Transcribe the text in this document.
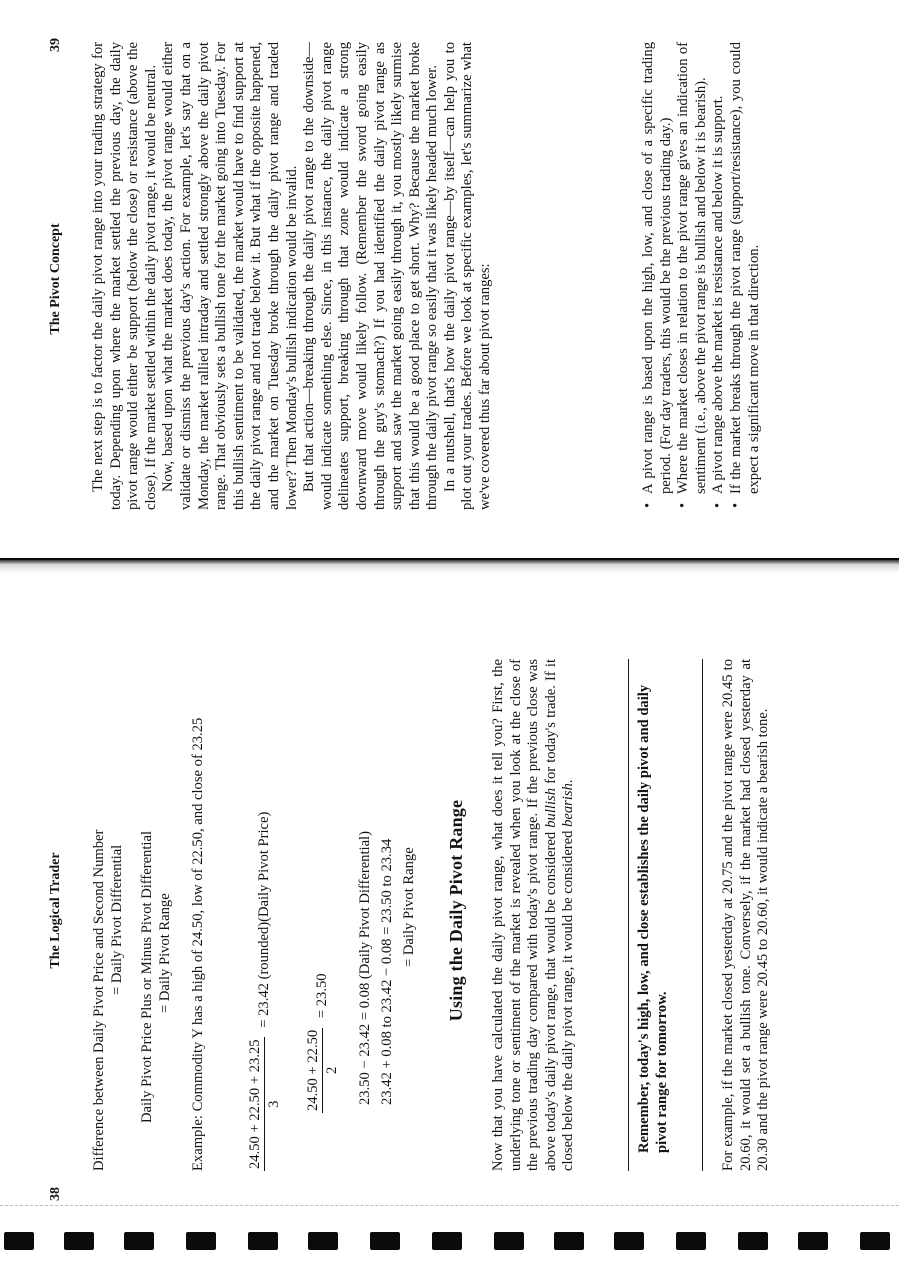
38
The Logical Trader Difference between Daily Pivot Price and Second Number = Daily Pivot Differential Daily Pivot Price Plus or Minus Pivot Differential = Daily Pivot Range Example: Commodity Y has a high of 24.50, low of 22.50, and close of 23.25	24.50 + 22.50 + 23.25 3
= 23.42 (rounded)(Daily Pivot Price)
24.50 + 22.50 2
= 23.50	23.50 − 23.42 = 0.08 (Daily Pivot Differential) 23.42 + 0.08 to 23.42 − 0.08 = 23.50 to 23.34 = Daily Pivot Range Using the Daily Pivot Range Now that you have calculated the daily pivot range, what does it tell you? First, the underlying tone or sentiment of the market is revealed when you look at the close of the previous trading day compared with today's pivot range. If the previous close was above today's daily pivot range, that would be considered bullish for today's trade. If it closed below the daily pivot range, it would be considered bearish.	Remember, today's high, low, and close establishes the daily pivot and daily pivot range for tomorrow.	For example, if the market closed yesterday at 20.75 and the pivot range were 20.45 to 20.60, it would set a bullish tone. Conversely, if the market had closed yesterday at 20.30 and the pivot range were 20.45 to 20.60, it would indicate a bearish tone.

The Pivot Concept
39 The next step is to factor the daily pivot range into your trading strategy for today. Depending upon where the market settled the previous day, the daily pivot range would either be support (below the close) or resistance (above the close). If the market settled within the daily pivot range, it would be neutral. Now, based upon what the market does today, the pivot range would either validate or dismiss the previous day's action. For example, let's say that on a Monday, the market rallied intraday and settled strongly above the daily pivot range. That obviously sets a bullish tone for the market going into Tuesday. For this bullish sentiment to be validated, the market would have to find support at the daily pivot range and not trade below it. But what if the opposite happened, and the market on Tuesday broke through the daily pivot range and traded lower? Then Monday's bullish indication would be invalid. But that action—breaking through the daily pivot range to the downside—would indicate something else. Since, in this instance, the daily pivot range delineates support, breaking through that zone would indicate a strong downward move would likely follow. (Remember the sword going easily through the guy's stomach?) If you had identified the daily pivot range as support and saw the market going easily through it, you mostly likely surmise that this would be a good place to get short. Why? Because the market broke through the daily pivot range so easily that it was likely headed much lower. In a nutshell, that's how the daily pivot range—by itself—can help you to plot out your trades. Before we look at specific examples, let's summarize what we've covered thus far about pivot ranges:	• A pivot range is based upon the high, low, and close of a specific trading period. (For day traders, this would be the previous trading day.) • Where the market closes in relation to the pivot range gives an indication of sentiment (i.e., above the pivot range is bullish and below it is bearish). • A pivot range above the market is resistance and below it is support. • If the market breaks through the pivot range (support/resistance), you could expect a significant move in that direction.
